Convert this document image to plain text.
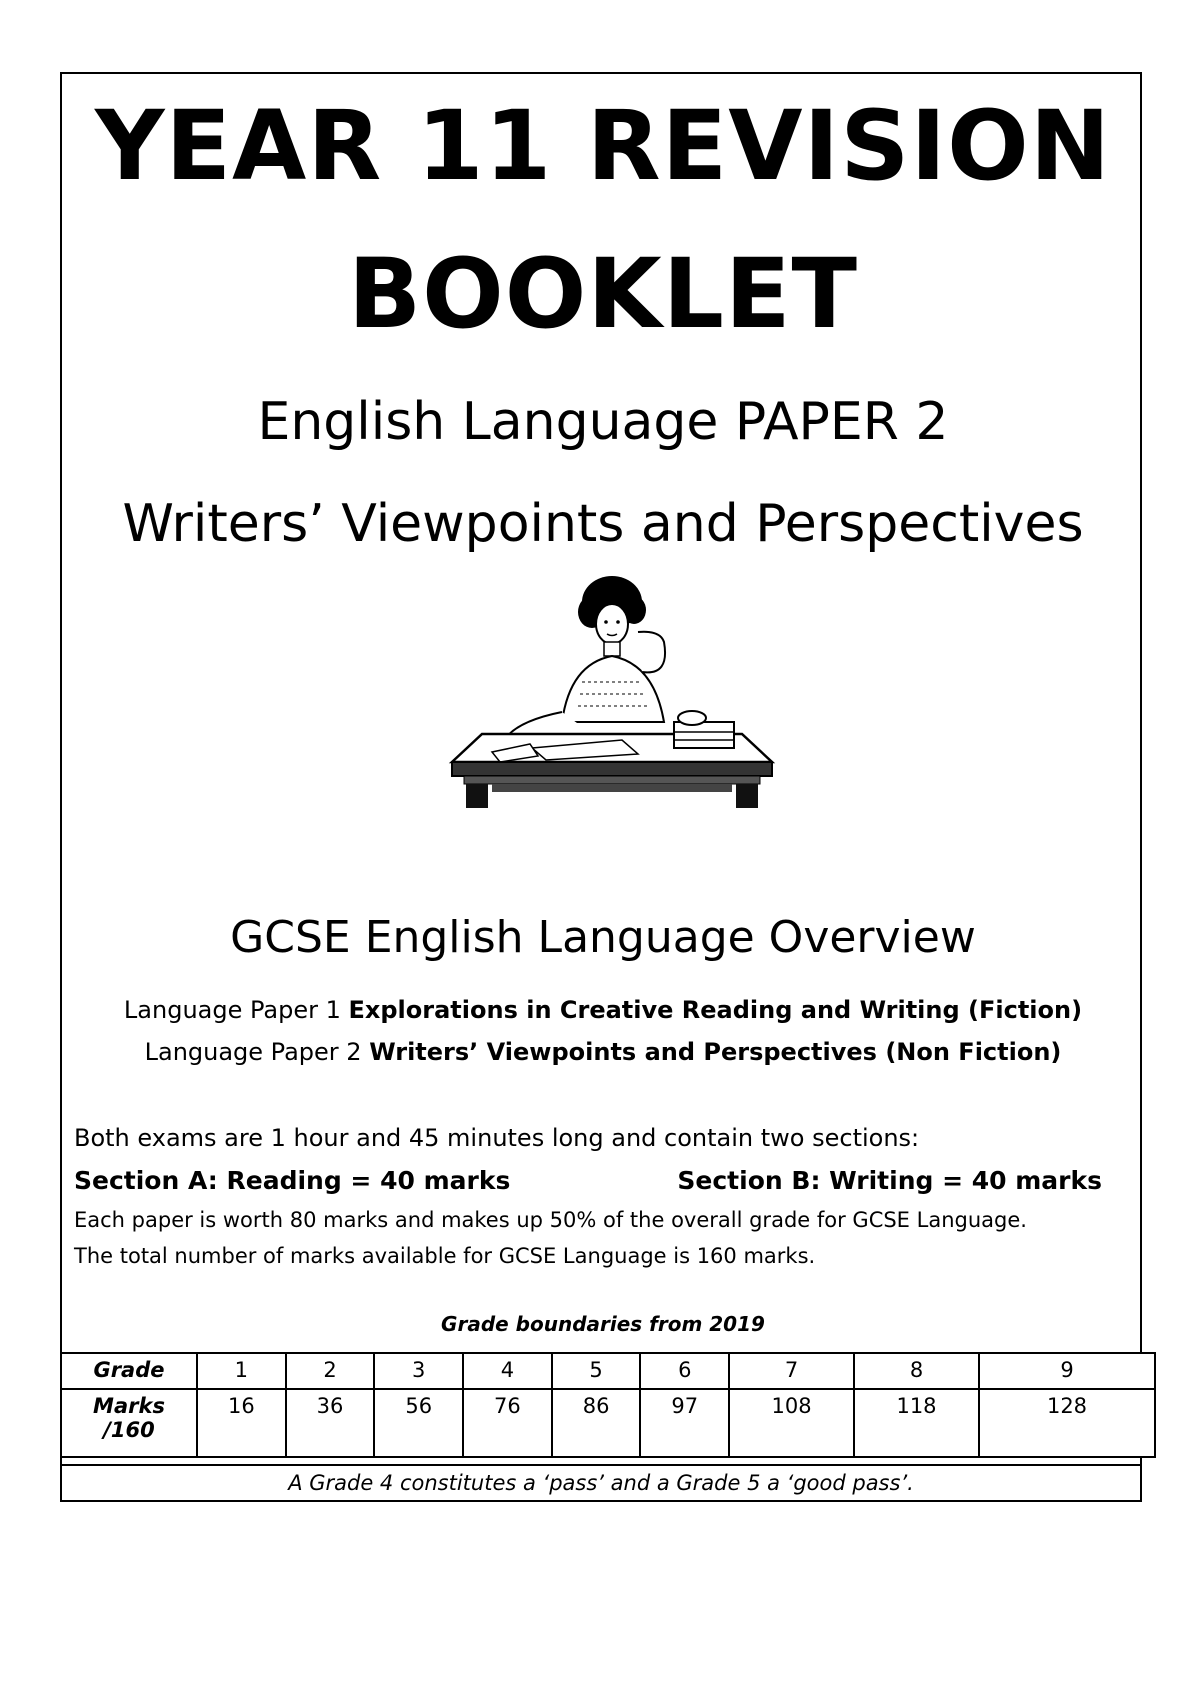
YEAR 11 REVISION
BOOKLET
English Language PAPER 2
Writers’ Viewpoints and Perspectives
GCSE English Language Overview
Language Paper 1 Explorations in Creative Reading and Writing (Fiction)
Language Paper 2 Writers’ Viewpoints and Perspectives (Non Fiction)
Both exams are 1 hour and 45 minutes long and contain two sections:
Section A: Reading = 40 marks	Section B: Writing = 40 marks
Each paper is worth 80 marks and makes up 50% of the overall grade for GCSE Language.
The total number of marks available for GCSE Language is 160 marks.
Grade boundaries from 2019
Grade	1	2	3	4	5	6	7	8	9
Marks /160	16	36	56	76	86	97	108	118	128
A Grade 4 constitutes a ‘pass’ and a Grade 5 a ‘good pass’.
